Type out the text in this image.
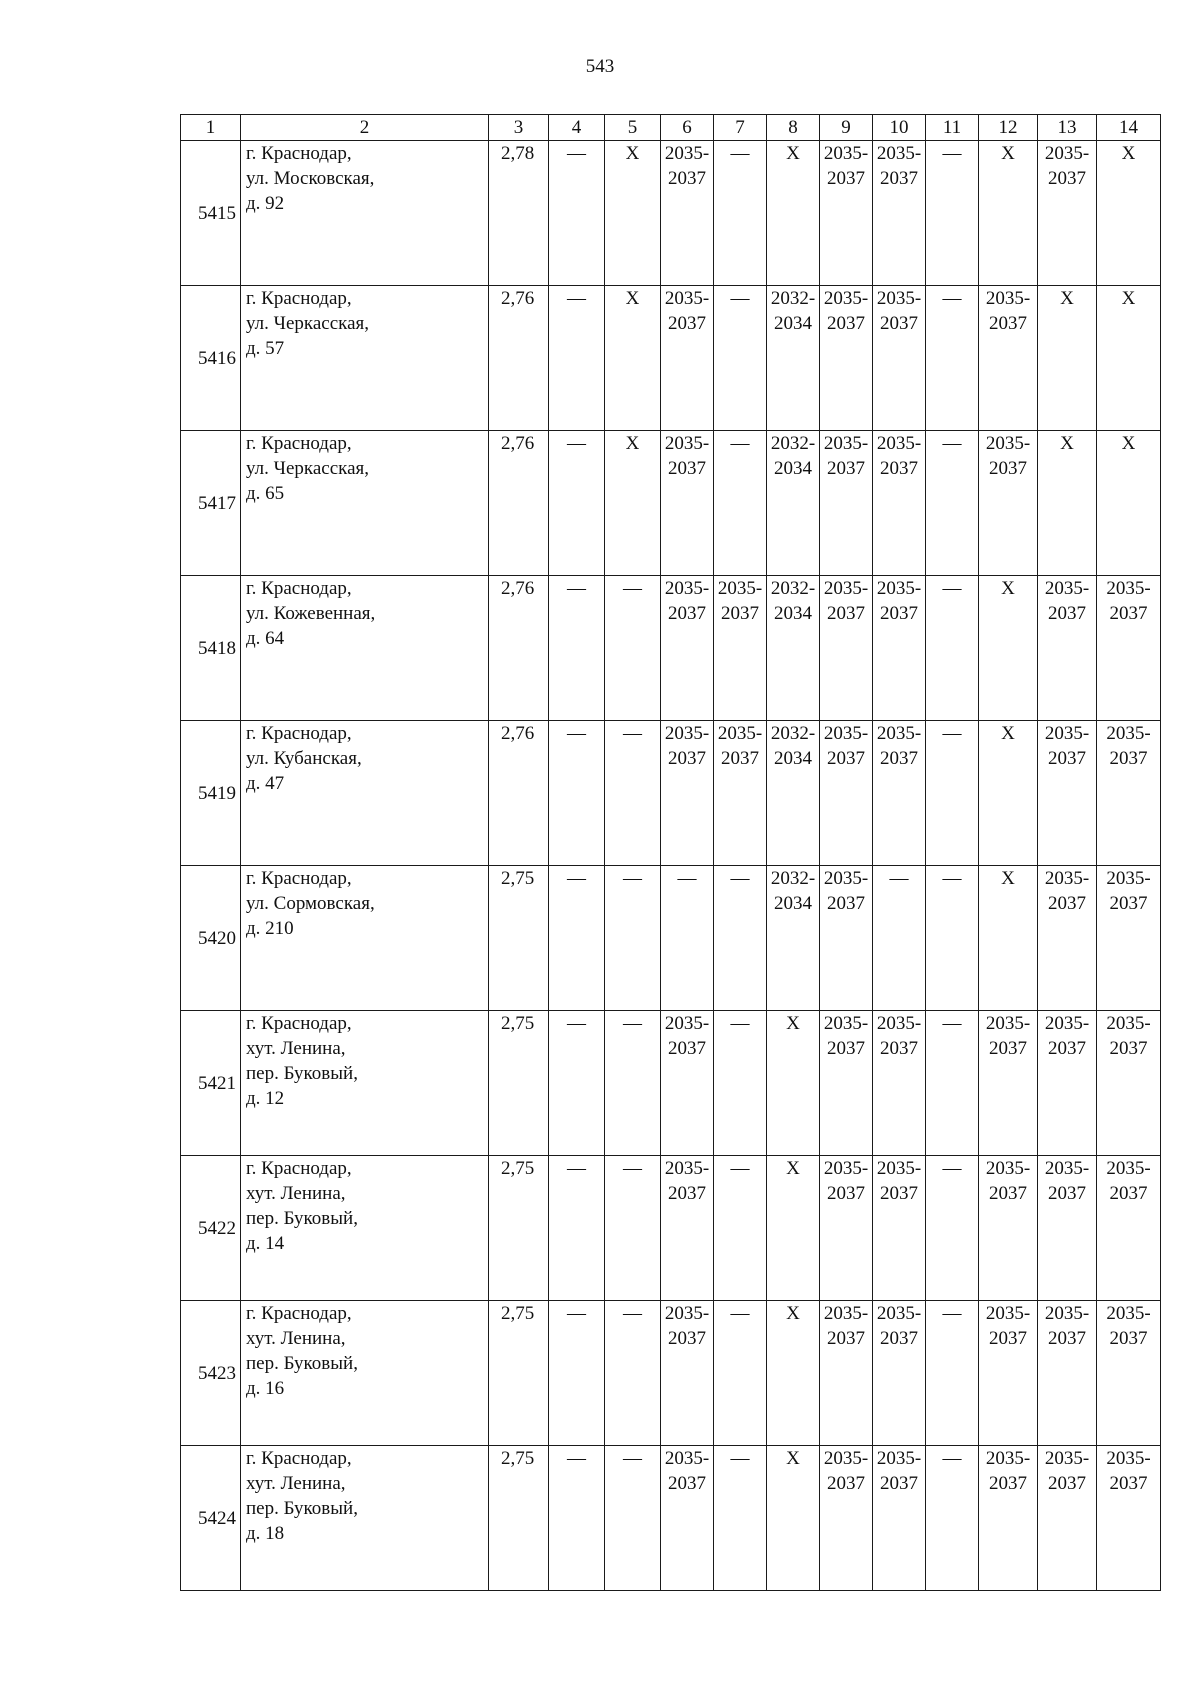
543
1	2	3	4	5	6	7	8	9	10	11	12	13	14
5415	г. Краснодар,
ул. Московская,
д. 92	2,78	—	X	2035-
2037	—	X	2035-
2037	2035-
2037	—	X	2035-
2037	X
5416	г. Краснодар,
ул. Черкасская,
д. 57	2,76	—	X	2035-
2037	—	2032-
2034	2035-
2037	2035-
2037	—	2035-
2037	X	X
5417	г. Краснодар,
ул. Черкасская,
д. 65	2,76	—	X	2035-
2037	—	2032-
2034	2035-
2037	2035-
2037	—	2035-
2037	X	X
5418	г. Краснодар,
ул. Кожевенная,
д. 64	2,76	—	—	2035-
2037	2035-
2037	2032-
2034	2035-
2037	2035-
2037	—	X	2035-
2037	2035-
2037
5419	г. Краснодар,
ул. Кубанская,
д. 47	2,76	—	—	2035-
2037	2035-
2037	2032-
2034	2035-
2037	2035-
2037	—	X	2035-
2037	2035-
2037
5420	г. Краснодар,
ул. Сормовская,
д. 210	2,75	—	—	—	—	2032-
2034	2035-
2037	—	—	X	2035-
2037	2035-
2037
5421	г. Краснодар,
хут. Ленина,
пер. Буковый,
д. 12	2,75	—	—	2035-
2037	—	X	2035-
2037	2035-
2037	—	2035-
2037	2035-
2037	2035-
2037
5422	г. Краснодар,
хут. Ленина,
пер. Буковый,
д. 14	2,75	—	—	2035-
2037	—	X	2035-
2037	2035-
2037	—	2035-
2037	2035-
2037	2035-
2037
5423	г. Краснодар,
хут. Ленина,
пер. Буковый,
д. 16	2,75	—	—	2035-
2037	—	X	2035-
2037	2035-
2037	—	2035-
2037	2035-
2037	2035-
2037
5424	г. Краснодар,
хут. Ленина,
пер. Буковый,
д. 18	2,75	—	—	2035-
2037	—	X	2035-
2037	2035-
2037	—	2035-
2037	2035-
2037	2035-
2037
